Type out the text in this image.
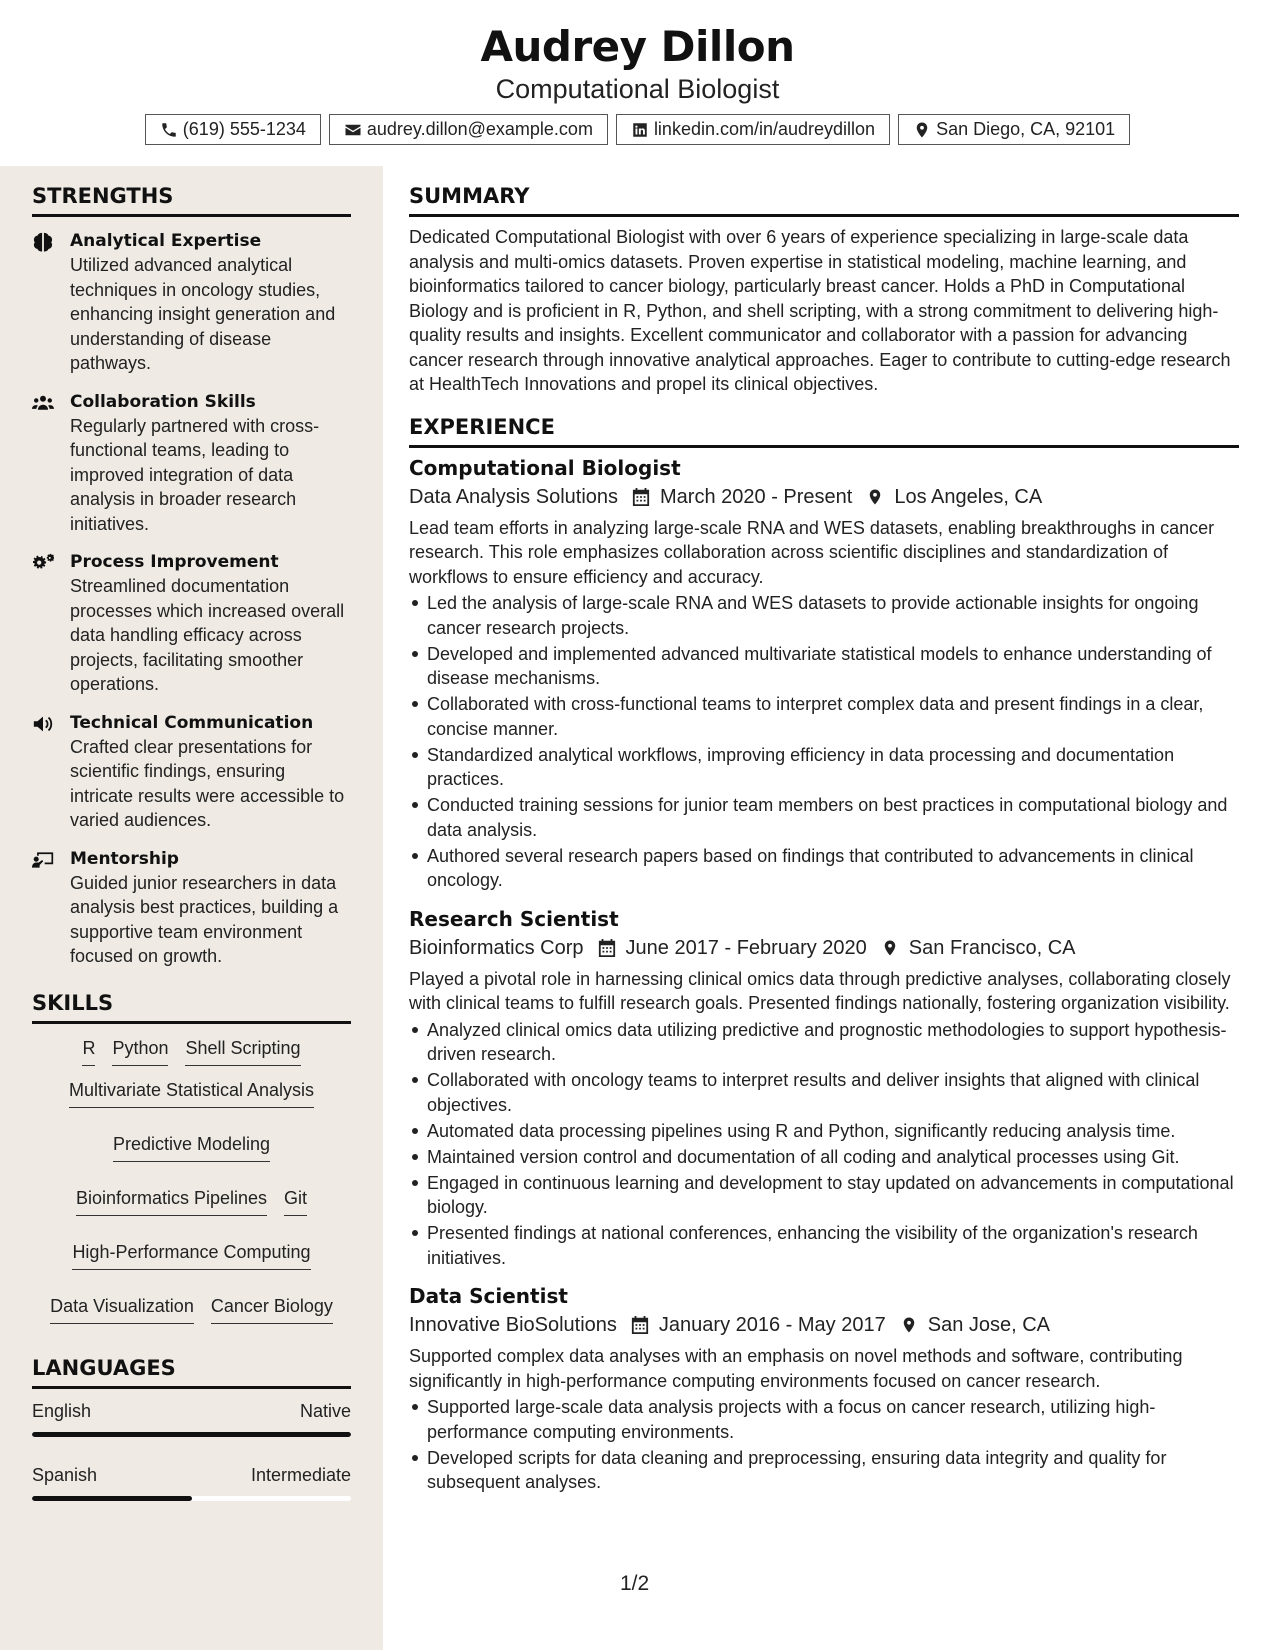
Audrey Dillon
Computational Biologist
(619) 555-1234	audrey.dillon@example.com	linkedin.com/in/audreydillon	San Diego, CA, 92101
STRENGTHS
Analytical Expertise
Utilized advanced analytical techniques in oncology studies, enhancing insight generation and understanding of disease pathways.
Collaboration Skills
Regularly partnered with cross-functional teams, leading to improved integration of data analysis in broader research initiatives.
Process Improvement
Streamlined documentation processes which increased overall data handling efficacy across projects, facilitating smoother operations.
Technical Communication
Crafted clear presentations for scientific findings, ensuring intricate results were accessible to varied audiences.
Mentorship
Guided junior researchers in data analysis best practices, building a supportive team environment focused on growth.
SKILLS
R Python Shell Scripting
Multivariate Statistical Analysis
Predictive Modeling
Bioinformatics Pipelines Git
High-Performance Computing
Data Visualization Cancer Biology
LANGUAGES
English	Native
Spanish	Intermediate
SUMMARY
Dedicated Computational Biologist with over 6 years of experience specializing in large-scale data analysis and multi-omics datasets. Proven expertise in statistical modeling, machine learning, and bioinformatics tailored to cancer biology, particularly breast cancer. Holds a PhD in Computational Biology and is proficient in R, Python, and shell scripting, with a strong commitment to delivering high-quality results and insights. Excellent communicator and collaborator with a passion for advancing cancer research through innovative analytical approaches. Eager to contribute to cutting-edge research at HealthTech Innovations and propel its clinical objectives.
EXPERIENCE
Computational Biologist
Data Analysis Solutions March 2020 - Present Los Angeles, CA
Lead team efforts in analyzing large-scale RNA and WES datasets, enabling breakthroughs in cancer research. This role emphasizes collaboration across scientific disciplines and standardization of workflows to ensure efficiency and accuracy.
Led the analysis of large-scale RNA and WES datasets to provide actionable insights for ongoing cancer research projects.
Developed and implemented advanced multivariate statistical models to enhance understanding of disease mechanisms.
Collaborated with cross-functional teams to interpret complex data and present findings in a clear, concise manner.
Standardized analytical workflows, improving efficiency in data processing and documentation practices.
Conducted training sessions for junior team members on best practices in computational biology and data analysis.
Authored several research papers based on findings that contributed to advancements in clinical oncology.
Research Scientist
Bioinformatics Corp June 2017 - February 2020 San Francisco, CA
Played a pivotal role in harnessing clinical omics data through predictive analyses, collaborating closely with clinical teams to fulfill research goals. Presented findings nationally, fostering organization visibility.
Analyzed clinical omics data utilizing predictive and prognostic methodologies to support hypothesis-driven research.
Collaborated with oncology teams to interpret results and deliver insights that aligned with clinical objectives.
Automated data processing pipelines using R and Python, significantly reducing analysis time.
Maintained version control and documentation of all coding and analytical processes using Git.
Engaged in continuous learning and development to stay updated on advancements in computational biology.
Presented findings at national conferences, enhancing the visibility of the organization's research initiatives.
Data Scientist
Innovative BioSolutions January 2016 - May 2017 San Jose, CA
Supported complex data analyses with an emphasis on novel methods and software, contributing significantly in high-performance computing environments focused on cancer research.
Supported large-scale data analysis projects with a focus on cancer research, utilizing high-performance computing environments.
Developed scripts for data cleaning and preprocessing, ensuring data integrity and quality for subsequent analyses.
1/2
